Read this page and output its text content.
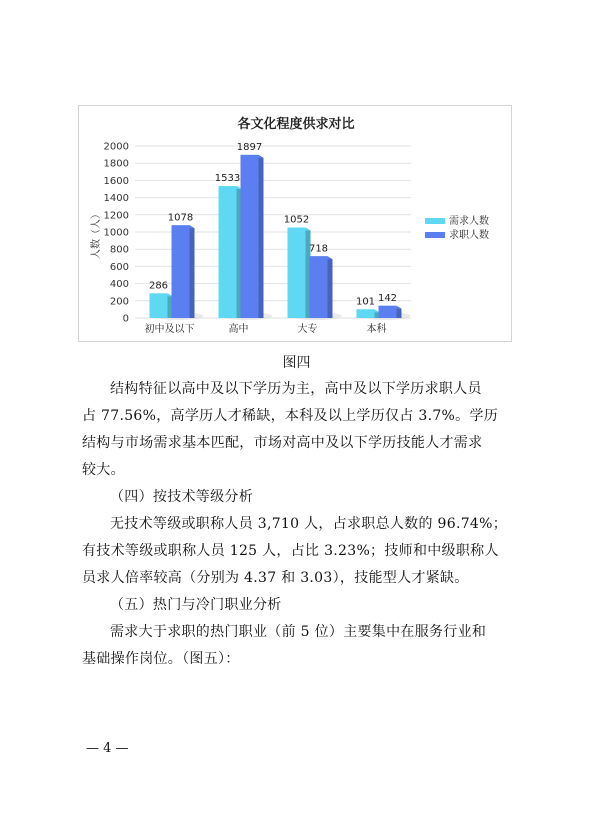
各文化程度供求对比
人数（人）
0
200
400
600
800
1000
1200
1400
1600
1800
2000
286
1078
初中及以下
1533
1897
高中
1052
718
大专
101 142
本科
需求人数
求职人数
图四
结构特征以高中及以下学历为主，高中及以下学历求职人员
占 77.56%，高学历人才稀缺，本科及以上学历仅占 3.7%。学历
结构与市场需求基本匹配，市场对高中及以下学历技能人才需求
较大。
（四）按技术等级分析
无技术等级或职称人员 3,710 人，占求职总人数的 96.74%；
有技术等级或职称人员 125 人，占比 3.23%；技师和中级职称人
员求人倍率较高（分别为 4.37 和 3.03），技能型人才紧缺。
（五）热门与冷门职业分析
需求大于求职的热门职业（前 5 位）主要集中在服务行业和
基础操作岗位。（图五）：
— 4 —
